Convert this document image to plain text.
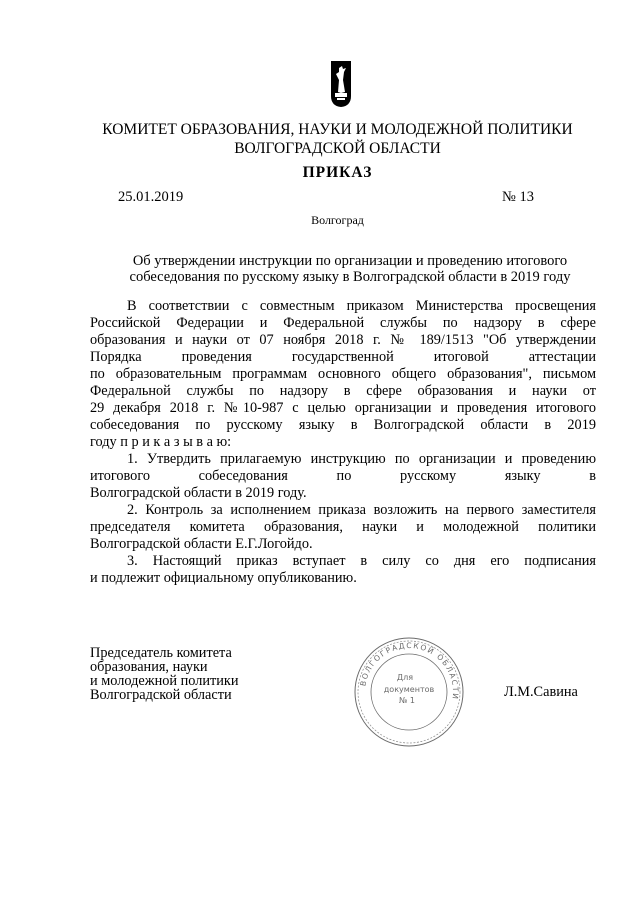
КОМИТЕТ ОБРАЗОВАНИЯ, НАУКИ И МОЛОДЕЖНОЙ ПОЛИТИКИ
ВОЛГОГРАДСКОЙ ОБЛАСТИ
ПРИКАЗ
25.01.2019	№ 13
Волгоград
Об утверждении инструкции по организации и проведению итогового
собеседования по русскому языку в Волгоградской области в 2019 году

В соответствии с совместным приказом Министерства просвещения

Российской Федерации и Федеральной службы по надзору в сфере

образования и науки от 07 ноября 2018 г. № 189/1513 "Об утверждении

Порядка проведения государственной итоговой аттестации

по образовательным программам основного общего образования", письмом

Федеральной службы по надзору в сфере образования и науки от

29 декабря 2018 г. №10-987 с целью организации и проведения итогового

собеседования по русскому языку в Волгоградской области в 2019

году п р и к а з ы в а ю:

1. Утвердить прилагаемую инструкцию по организации и проведению

итогового собеседования по русскому языку в

Волгоградской области в 2019 году.

2. Контроль за исполнением приказа возложить на первого заместителя

председателя комитета образования, науки и молодежной политики

Волгоградской области Е.Г.Логойдо.

3. Настоящий приказ вступает в силу со дня его подписания

и подлежит официальному опубликованию.

Председатель комитета
образования, науки
и молодежной политики
Волгоградской области
ВОЛГОГРАДСКОЙ ОБЛАСТИ
Для
документов
№ 1
Л.М.Савина
